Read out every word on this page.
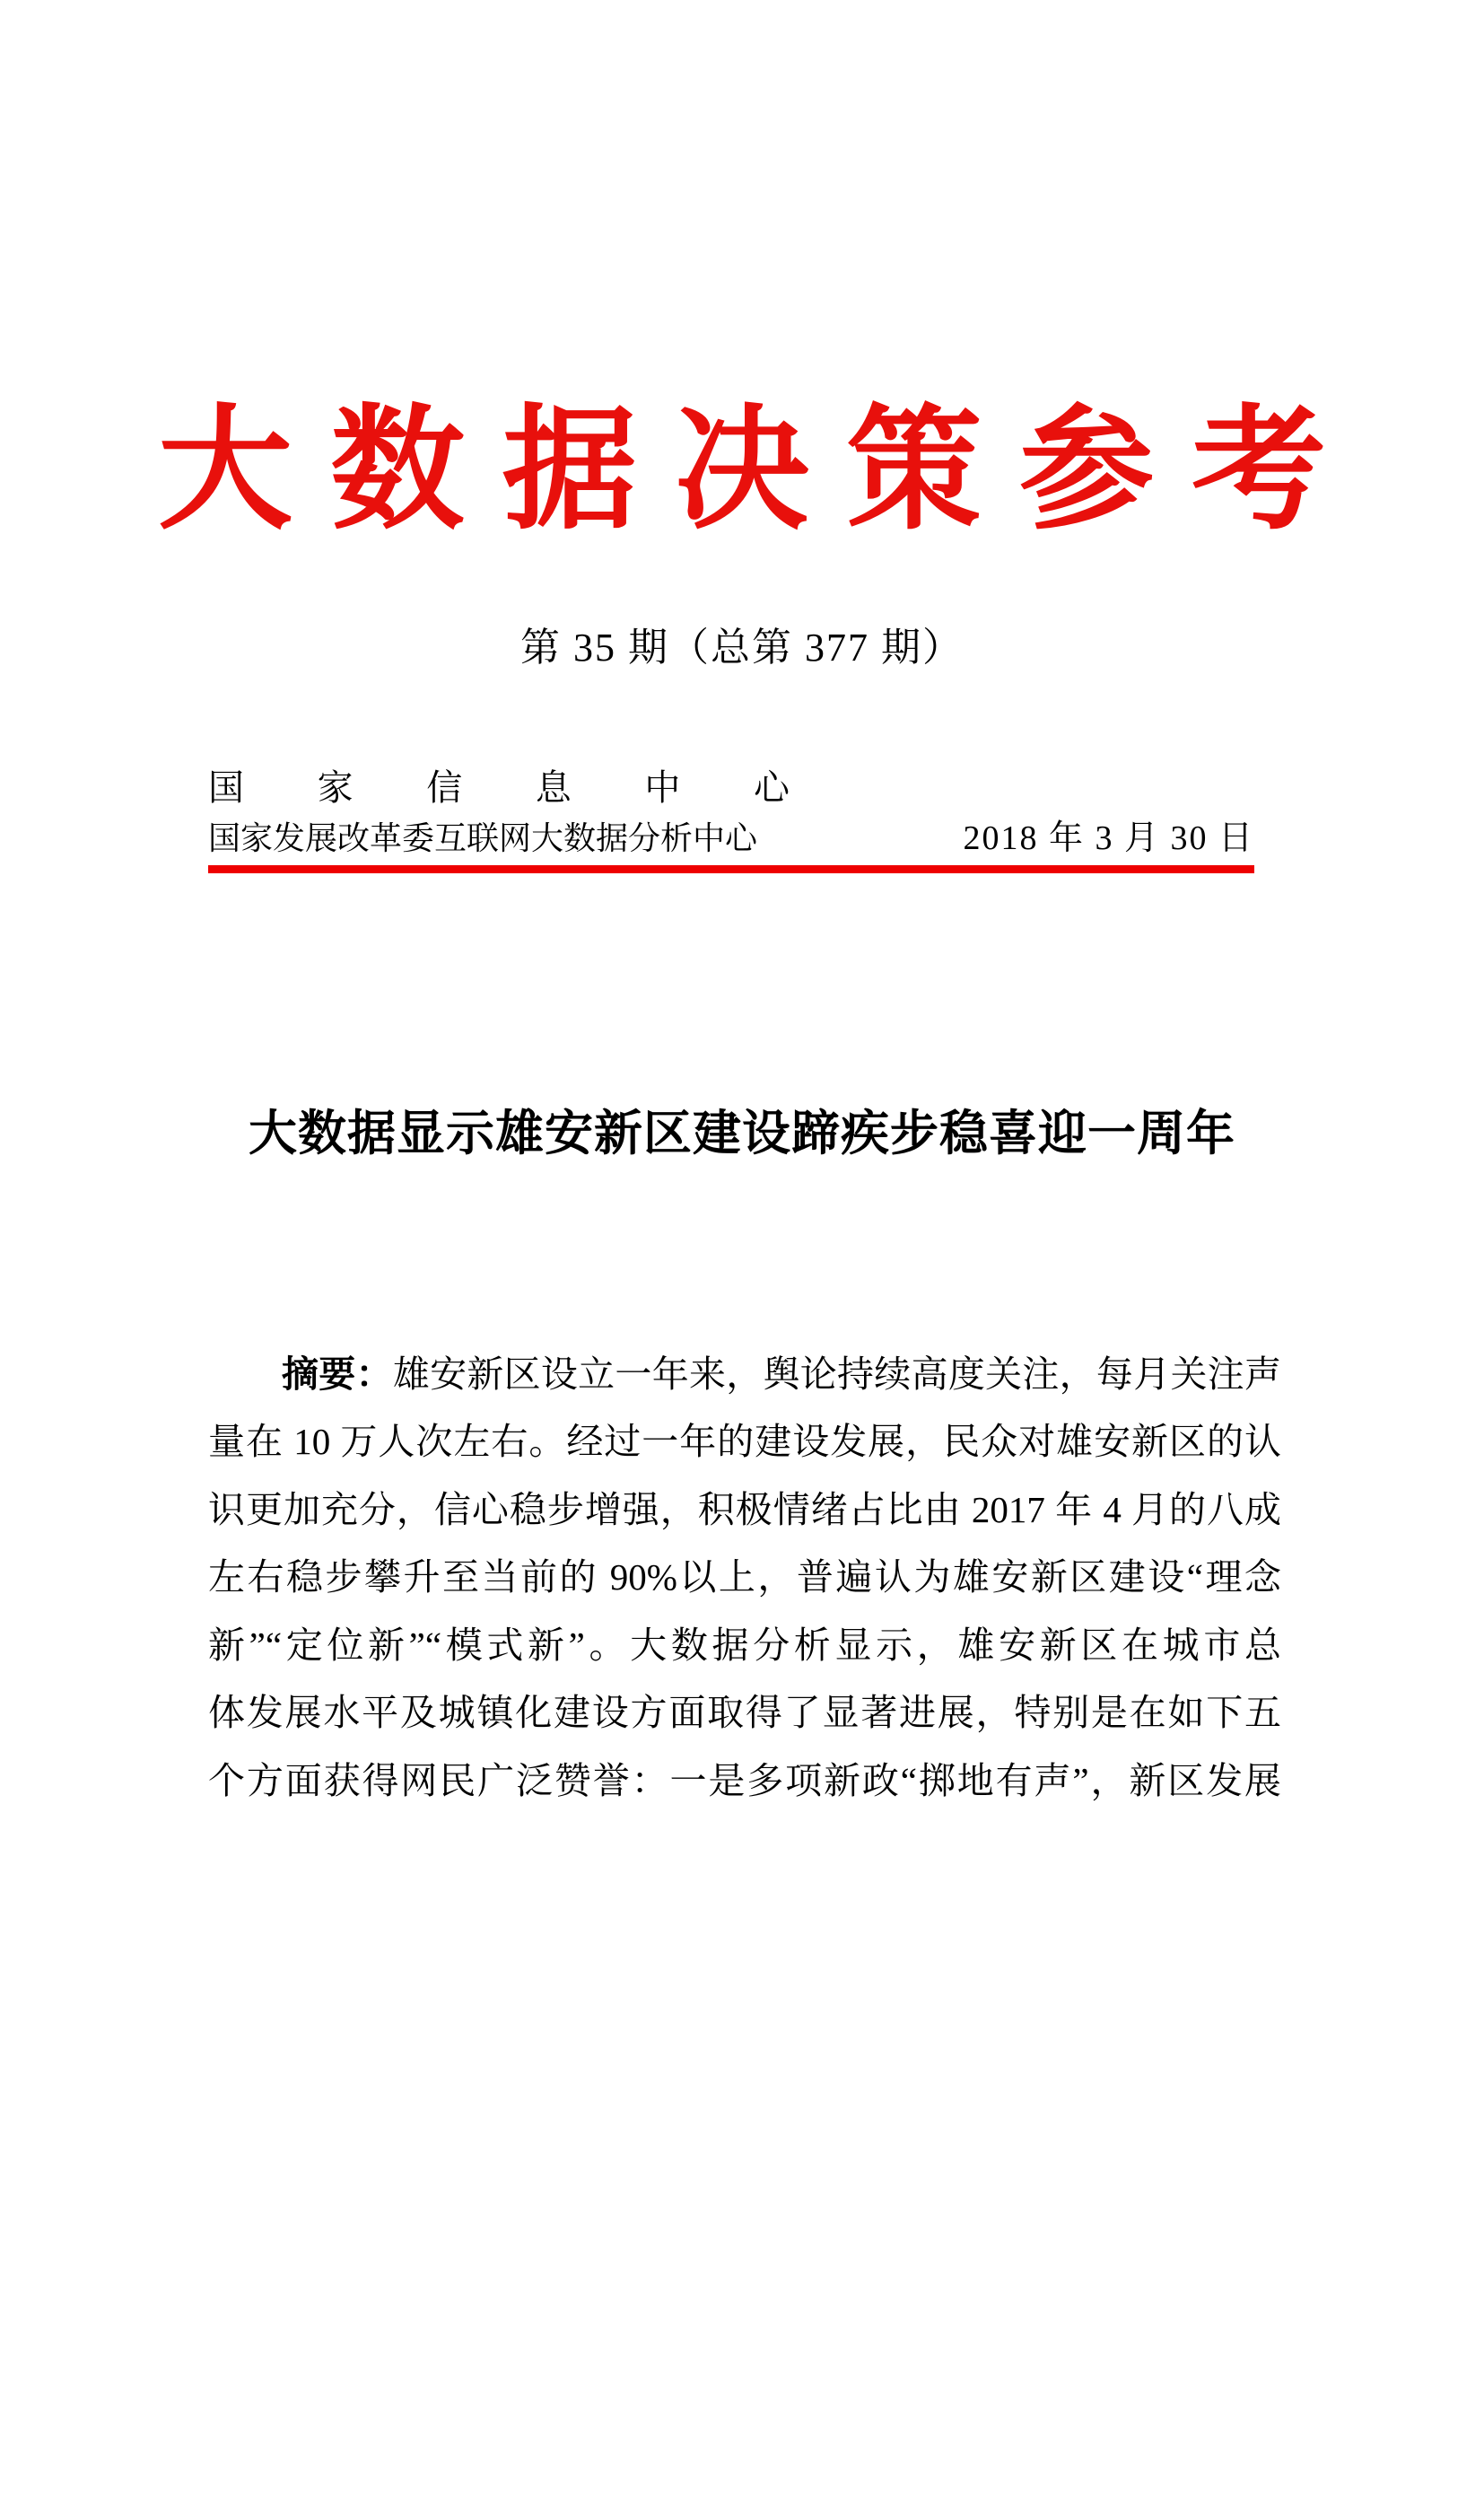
大数据决策参考
第 35 期（总第 377 期）
国家信息中心
国家发展改革委互联网大数据分析中心	2018 年 3 月 30 日
大数据显示雄安新区建设蹄疾步稳喜迎一周年
摘要：雄安新区设立一年来，舆论持续高度关注，每月关注声
量在 10 万人次左右。经过一年的建设发展，民众对雄安新区的认
识更加充分，信心稳步增强，积极情绪占比由 2017 年 4 月的八成
左右稳步攀升至当前的 90%以上，普遍认为雄安新区建设“理念
新”“定位新”“模式新”。大数据分析显示，雄安新区在城市总
体发展水平及城镇化建设方面取得了显著进展，特别是在如下五
个方面获得网民广泛赞誉：一是多项新政“掷地有声”，新区发展
